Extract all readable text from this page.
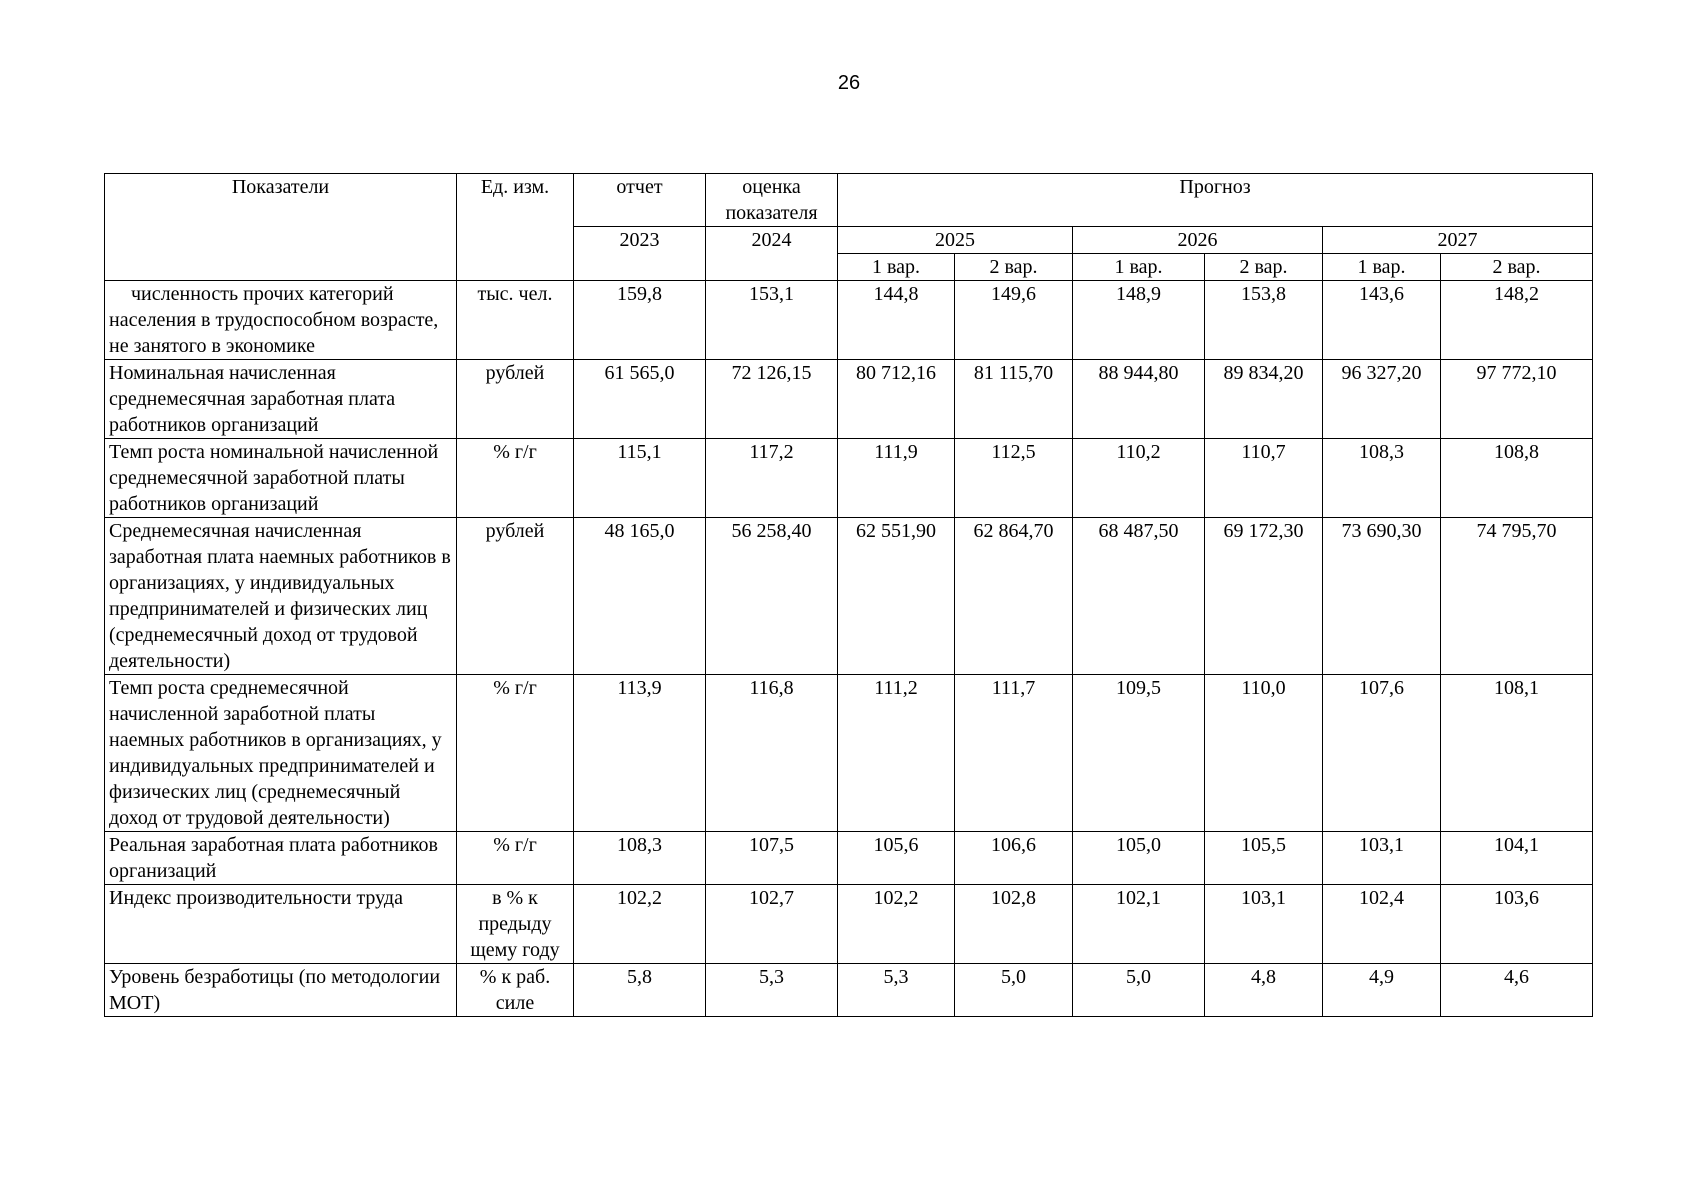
26
Показатели	Ед. изм.	отчет	оценка показателя	Прогноз					
		2023	2024	2025		2026		2027	
				1 вар.	2 вар.	1 вар.	2 вар.	1 вар.	2 вар.
численность прочих категорий населения в трудоспособном возрасте, не занятого в экономике	тыс. чел.	159,8	153,1	144,8	149,6	148,9	153,8	143,6	148,2
Номинальная начисленная среднемесячная заработная плата работников организаций	рублей	61 565,0	72 126,15	80 712,16	81 115,70	88 944,80	89 834,20	96 327,20	97 772,10
Темп роста номинальной начисленной среднемесячной заработной платы работников организаций	% г/г	115,1	117,2	111,9	112,5	110,2	110,7	108,3	108,8
Среднемесячная начисленная заработная плата наемных работников в организациях, у индивидуальных предпринимателей и физических лиц (среднемесячный доход от трудовой деятельности)	рублей	48 165,0	56 258,40	62 551,90	62 864,70	68 487,50	69 172,30	73 690,30	74 795,70
Темп роста среднемесячной начисленной заработной платы наемных работников в организациях, у индивидуальных предпринимателей и физических лиц (среднемесячный доход от трудовой деятельности)	% г/г	113,9	116,8	111,2	111,7	109,5	110,0	107,6	108,1
Реальная заработная плата работников организаций	% г/г	108,3	107,5	105,6	106,6	105,0	105,5	103,1	104,1
Индекс производительности труда	в % к предыду щему году	102,2	102,7	102,2	102,8	102,1	103,1	102,4	103,6
Уровень безработицы (по методологии МОТ)	% к раб. силе	5,8	5,3	5,3	5,0	5,0	4,8	4,9	4,6
